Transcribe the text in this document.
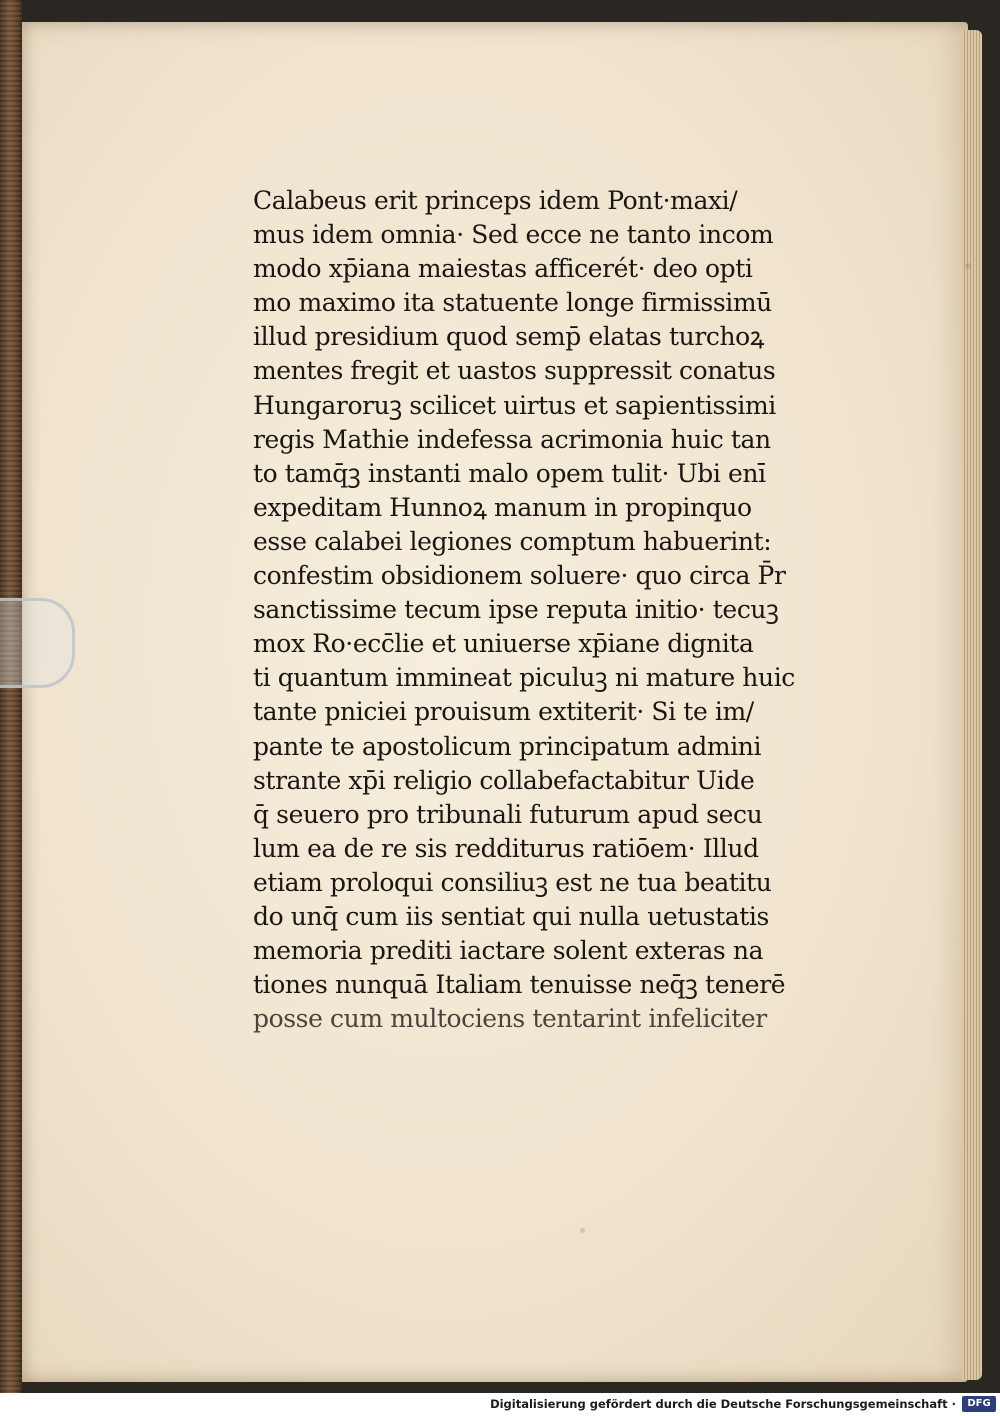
Calabeus erit princeps idem Pont·maxi/
mus idem omnia· Sed ecce ne tanto incom
modo xp̄iana maiestas afficerét· deo opti
mo maximo ita statuente longe firmissimū
illud presidium quod semp̄ elatas turchoꝝ
mentes fregit et uastos suppressit conatus
Hungaroruꝫ scilicet uirtus et sapientissimi
regis Mathie indefessa acrimonia huic tan
to tamq̄ꝫ instanti malo opem tulit· Ubi enī
expeditam Hunnoꝝ manum in propinquo
esse calabei legiones comptum habuerint:
confestim obsidionem soluere· quo circa P̄r
sanctissime tecum ipse reputa initio· tecuꝫ
mox Ro·ecc̄lie et uniuerse xp̄iane dignita
ti quantum immineat piculuꝫ ni mature huic
tante pniciei prouisum extiterit· Si te im/
pante te apostolicum principatum admini
strante xp̄i religio collabefactabitur Uide
q̄ seuero pro tribunali futurum apud secu
lum ea de re sis redditurus ratiōem· Illud
etiam proloqui consiliuꝫ est ne tua beatitu
do unq̄ cum iis sentiat qui nulla uetustatis
memoria prediti iactare solent exteras na
tiones nunquā Italiam tenuisse neq̄ꝫ tenerē
posse cum multociens tentarint infeliciter
Digitalisierung gefördert durch die Deutsche Forschungsgemeinschaft ·	DFG
